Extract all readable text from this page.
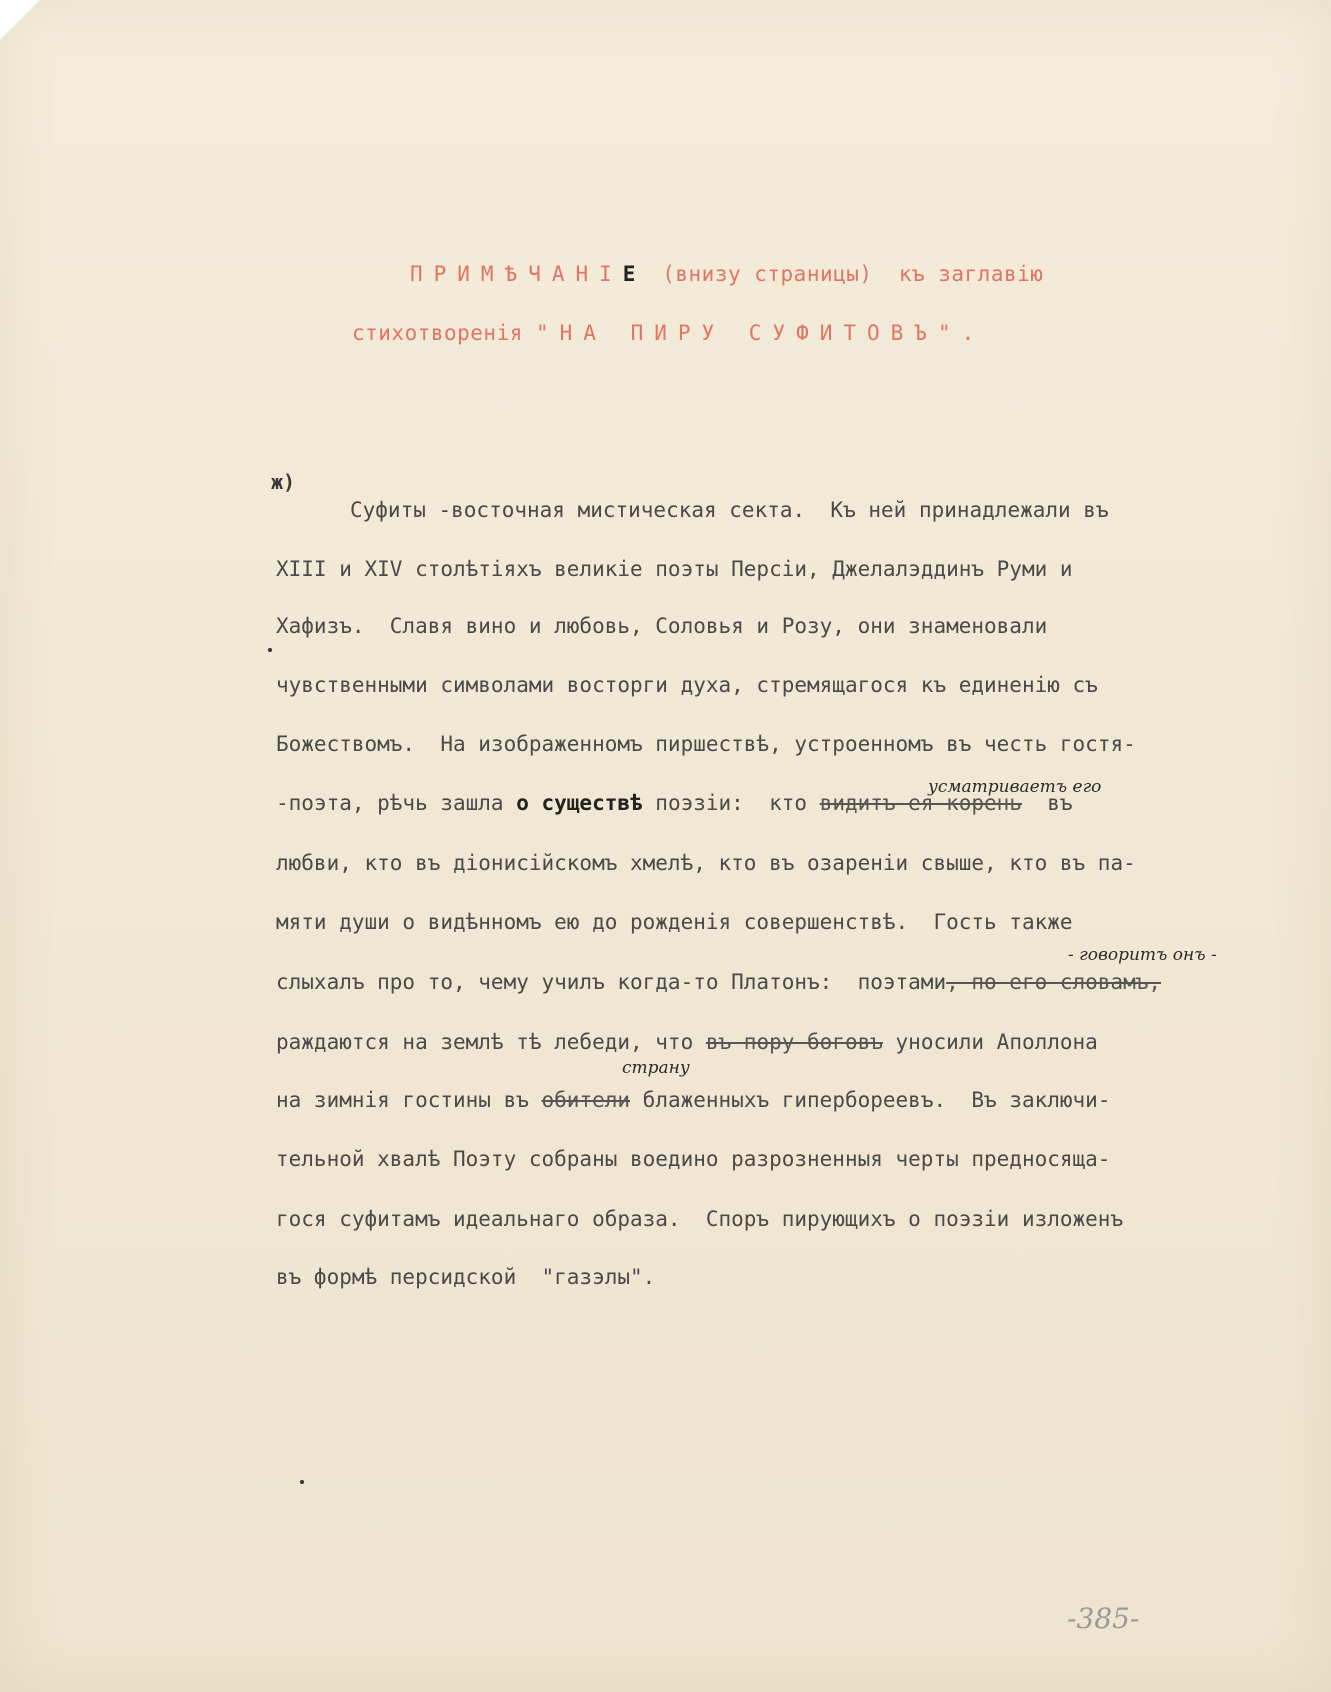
ПРИМѢЧАНІЕ (внизу страницы)  къ заглавію
стихотворенія "НА ПИРУ СУФИТОВЪ".
ж)
Суфиты -восточная мистическая секта.  Къ ней принадлежали въ
XIII и XIV столѣтіяхъ великіе поэты Персіи, Джелалэддинъ Руми и
Хафизъ.  Славя вино и любовь, Соловья и Розу, они знаменовали
чувственными символами восторги духа, стремящагося къ единенію съ
Божествомъ.  На изображенномъ пиршествѣ, устроенномъ въ честь гостя-
усматриваетъ его
-поэта, рѣчь зашла о существѣ поэзіи:  кто видитъ ея корень  въ
любви, кто въ діонисійскомъ хмелѣ, кто въ озареніи свыше, кто въ па-
мяти души о видѣнномъ ею до рожденія совершенствѣ.  Гость также
- говоритъ онъ -
слыхалъ про то, чему училъ когда-то Платонъ:  поэтами, по его словамъ,
раждаются на землѣ тѣ лебеди, что въ пору боговъ уносили Аполлона
страну
на зимнія гостины въ обители блаженныхъ гипербореевъ.  Въ заключи-
тельной хвалѣ Поэту собраны воедино разрозненныя черты предносяща-
гося суфитамъ идеальнаго образа.  Споръ пирующихъ о поэзіи изложенъ
въ формѣ персидской  "газэлы".
-385-
